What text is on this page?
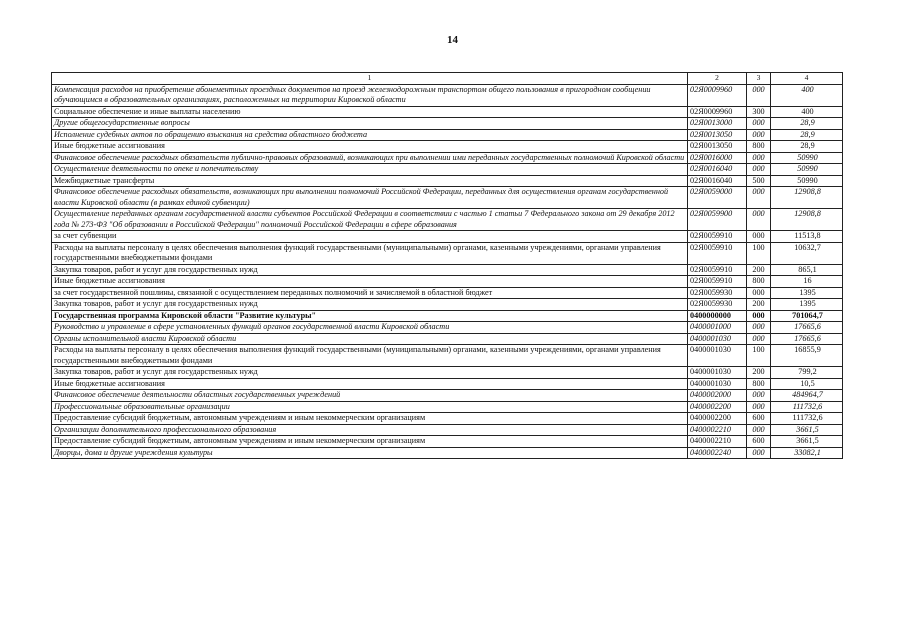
14
1	2	3	4
Компенсация расходов на приобретение абонементных проездных документов на проезд железнодорожным транспортом общего пользования в пригородном сообщении обучающимся в образовательных организациях, расположенных на территории Кировской области	02Я0009960	000	400
Социальное обеспечение и иные выплаты населению	02Я0009960	300	400
Другие общегосударственные вопросы	02Я0013000	000	28,9
Исполнение судебных актов по обращению взыскания на средства областного бюджета	02Я0013050	000	28,9
Иные бюджетные ассигнования	02Я0013050	800	28,9
Финансовое обеспечение расходных обязательств публично-правовых образований, возникающих при выполнении ими переданных государственных полномочий Кировской области	02Я0016000	000	50990
Осуществление деятельности по опеке и попечительству	02Я0016040	000	50990
Межбюджетные трансферты	02Я0016040	500	50990
Финансовое обеспечение расходных обязательств, возникающих при выполнении полномочий Российской Федерации, переданных для осуществления органам государственной власти Кировской области (в рамках единой субвенции)	02Я0059000	000	12908,8
Осуществление переданных органам государственной власти субъектов Российской Федерации в соответствии с частью 1 статьи 7 Федерального закона от 29 декабря 2012 года № 273-ФЗ "Об образовании в Российской Федерации" полномочий Российской Федерации в сфере образования	02Я0059900	000	12908,8
за счет субвенции	02Я0059910	000	11513,8
Расходы на выплаты персоналу в целях обеспечения выполнения функций государственными (муниципальными) органами, казенными учреждениями, органами управления государственными внебюджетными фондами	02Я0059910	100	10632,7
Закупка товаров, работ и услуг для государственных нужд	02Я0059910	200	865,1
Иные бюджетные ассигнования	02Я0059910	800	16
за счет государственной пошлины, связанной с осуществлением переданных полномочий и зачисляемой в областной бюджет	02Я0059930	000	1395
Закупка товаров, работ и услуг для государственных нужд	02Я0059930	200	1395
Государственная программа Кировской области "Развитие культуры"	0400000000	000	701064,7
Руководство и управление в сфере установленных функций органов государственной власти Кировской области	0400001000	000	17665,6
Органы исполнительной власти Кировской области	0400001030	000	17665,6
Расходы на выплаты персоналу в целях обеспечения выполнения функций государственными (муниципальными) органами, казенными учреждениями, органами управления государственными внебюджетными фондами	0400001030	100	16855,9
Закупка товаров, работ и услуг для государственных нужд	0400001030	200	799,2
Иные бюджетные ассигнования	0400001030	800	10,5
Финансовое обеспечение деятельности областных государственных учреждений	0400002000	000	484964,7
Профессиональные образовательные организации	0400002200	000	111732,6
Предоставление субсидий бюджетным, автономным учреждениям и иным некоммерческим организациям	0400002200	600	111732,6
Организации дополнительного профессионального образования	0400002210	000	3661,5
Предоставление субсидий бюджетным, автономным учреждениям и иным некоммерческим организациям	0400002210	600	3661,5
Дворцы, дома и другие учреждения культуры	0400002240	000	33082,1
